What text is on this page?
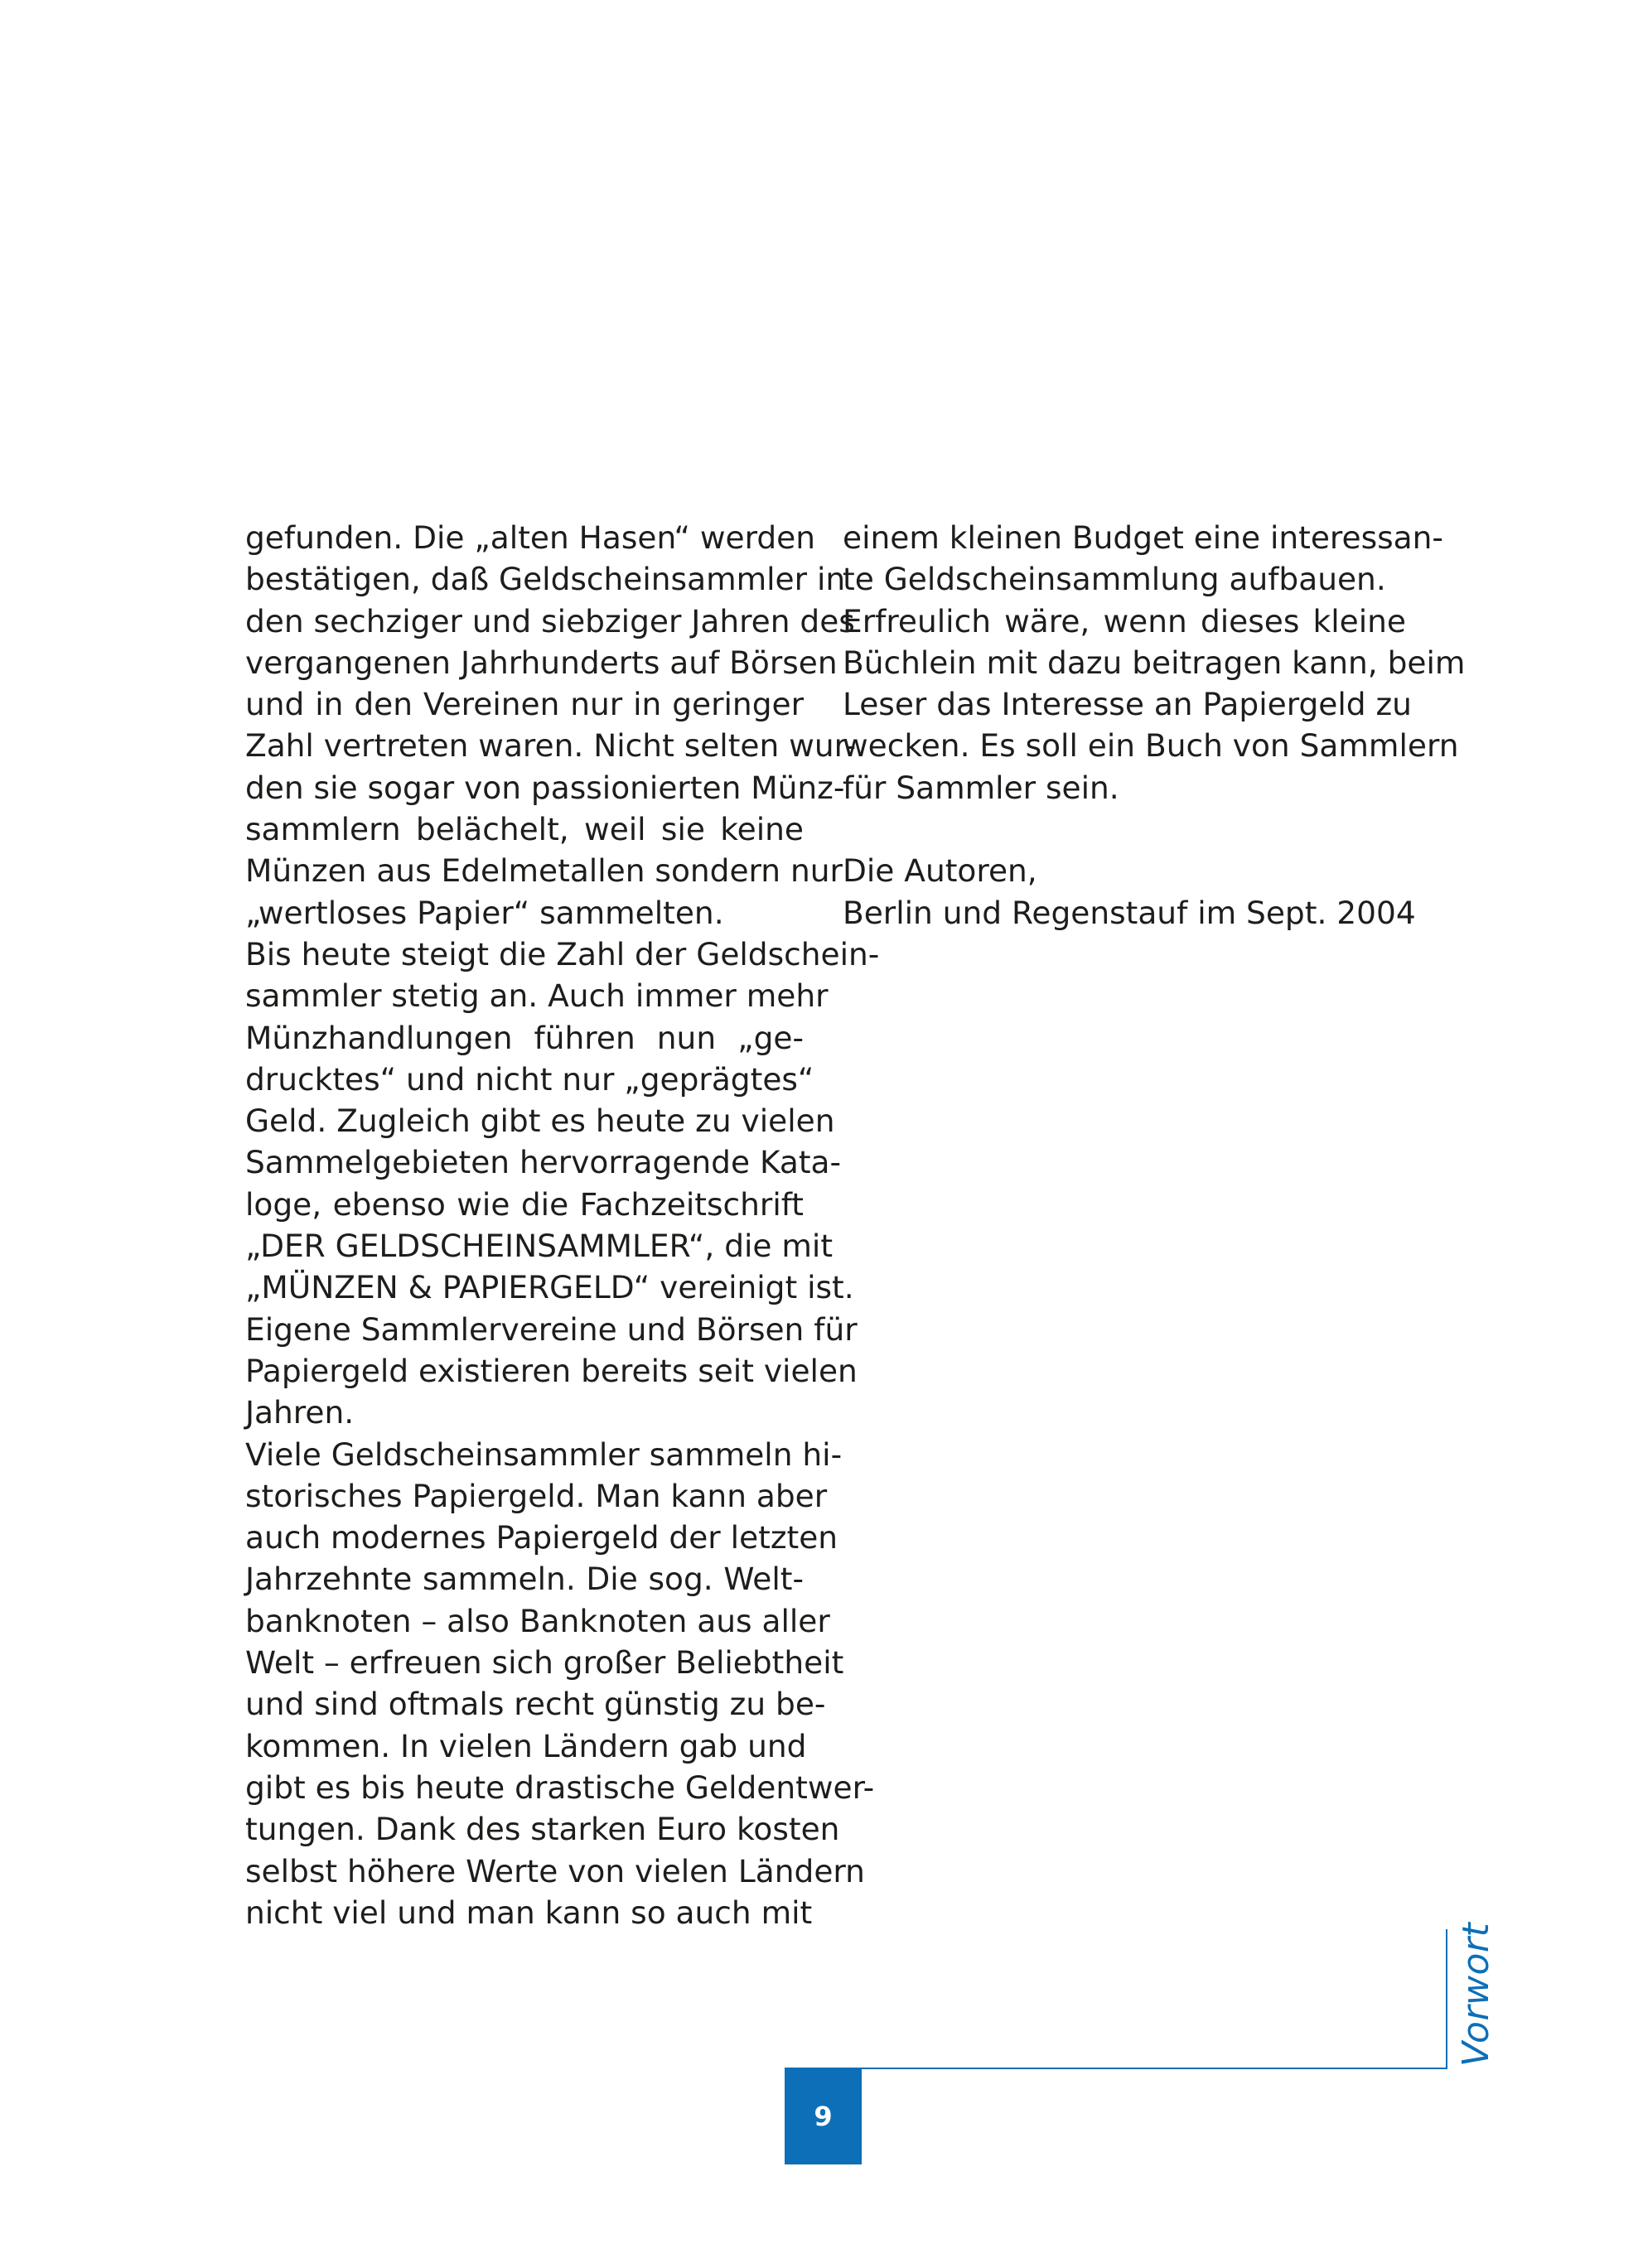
gefunden. Die „alten Hasen“ werden
bestätigen, daß Geldscheinsammler in
den sechziger und siebziger Jahren des
vergangenen Jahrhunderts auf Börsen
und in den Vereinen nur in geringer
Zahl vertreten waren. Nicht selten wur-
den sie sogar von passionierten Münz-
sammlern belächelt, weil sie keine
Münzen aus Edelmetallen sondern nur
„wertloses Papier“ sammelten.
Bis heute steigt die Zahl der Geldschein-
sammler stetig an. Auch immer mehr
Münzhandlungen führen nun „ge-
drucktes“ und nicht nur „geprägtes“
Geld. Zugleich gibt es heute zu vielen
Sammelgebieten hervorragende Kata-
loge, ebenso wie die Fachzeitschrift
„DER GELDSCHEINSAMMLER“, die mit
„MÜNZEN & PAPIERGELD“ vereinigt ist.
Eigene Sammlervereine und Börsen für
Papiergeld existieren bereits seit vielen
Jahren.
Viele Geldscheinsammler sammeln hi-
storisches Papiergeld. Man kann aber
auch modernes Papiergeld der letzten
Jahrzehnte sammeln. Die sog. Welt-
banknoten – also Banknoten aus aller
Welt – erfreuen sich großer Beliebtheit
und sind oftmals recht günstig zu be-
kommen. In vielen Ländern gab und
gibt es bis heute drastische Geldentwer-
tungen. Dank des starken Euro kosten
selbst höhere Werte von vielen Ländern
nicht viel und man kann so auch mit
einem kleinen Budget eine interessan-
te Geldscheinsammlung aufbauen.
Erfreulich wäre, wenn dieses kleine
Büchlein mit dazu beitragen kann, beim
Leser das Interesse an Papiergeld zu
wecken. Es soll ein Buch von Sammlern
für Sammler sein.
Die Autoren,
Berlin und Regenstauf im Sept. 2004
Vorwort
9
